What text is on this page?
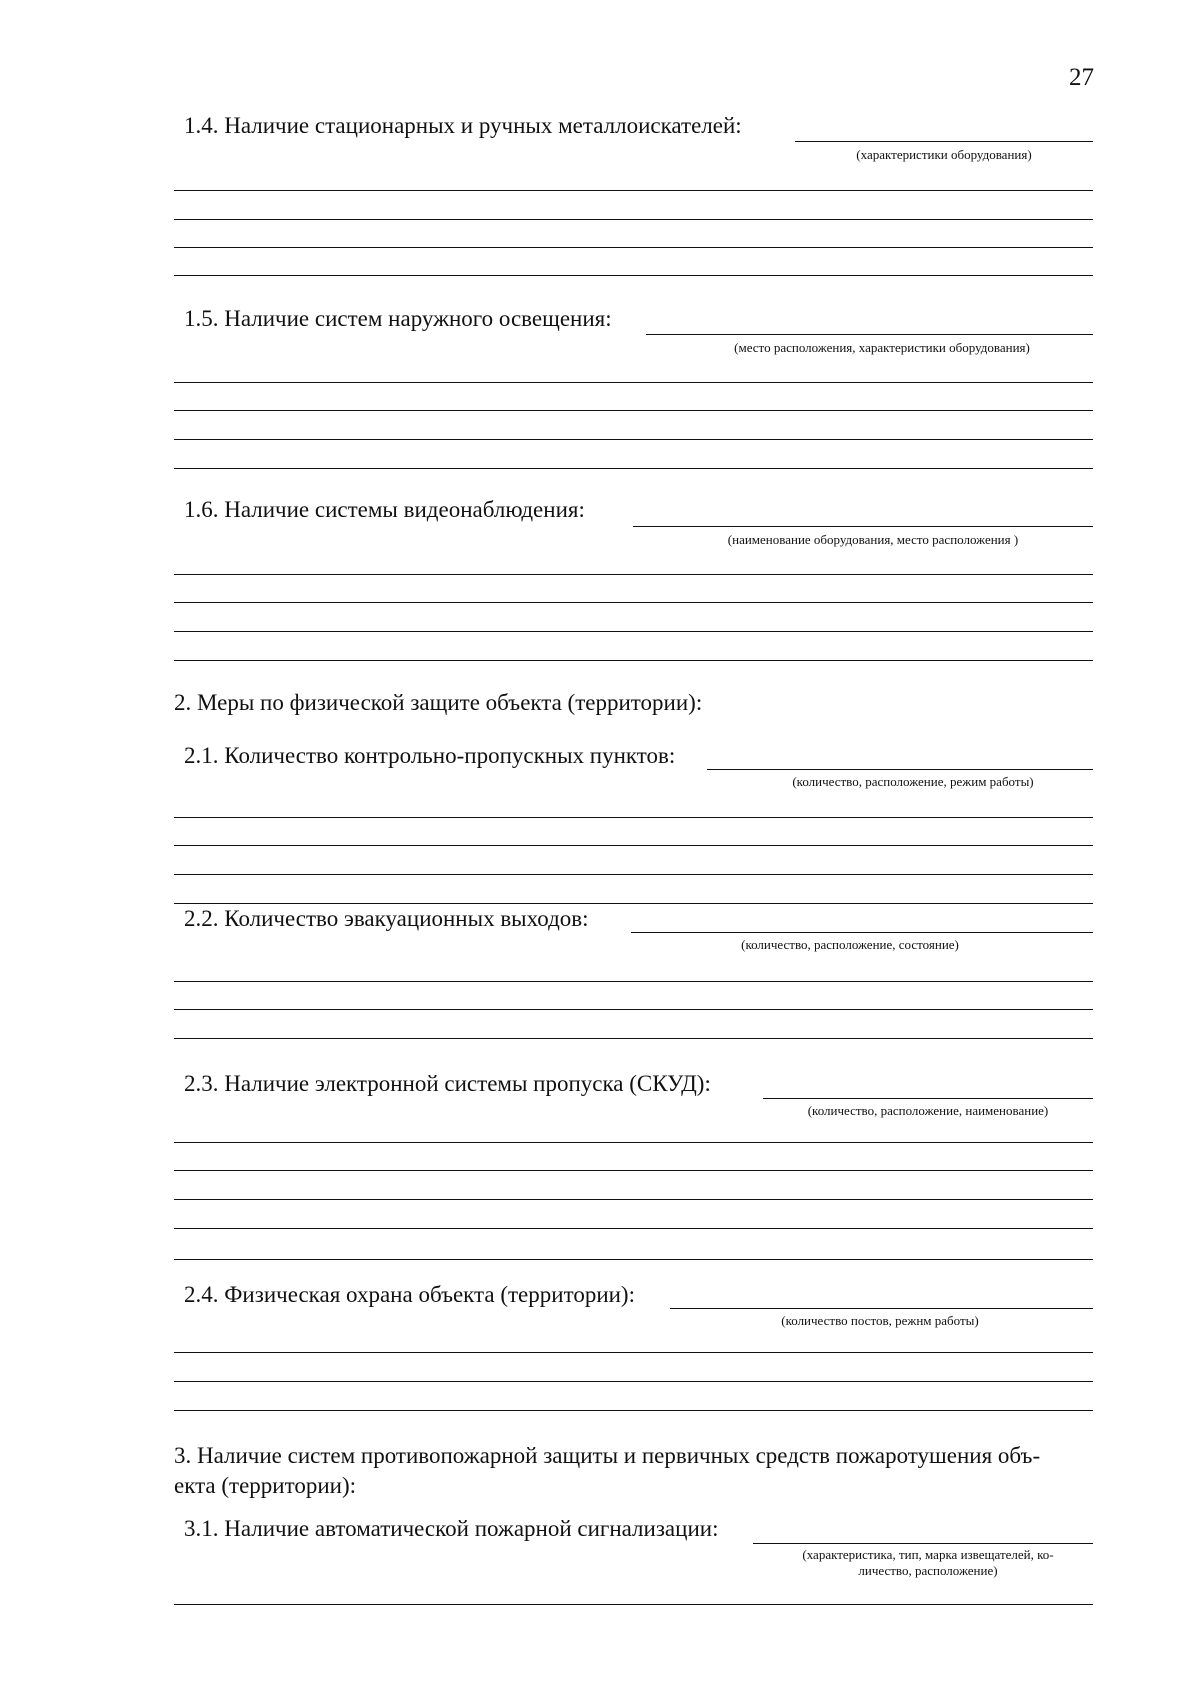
27
1.4. Наличие стационарных и ручных металлоискателей:
(характеристики оборудования)
1.5. Наличие систем наружного освещения:
(место расположения, характеристики оборудования)
1.6. Наличие системы видеонаблюдения:
(наименование оборудования, место расположения )
2. Меры по физической защите объекта (территории):
2.1. Количество контрольно-пропускных пунктов:
(количество, расположение, режим работы)
2.2. Количество эвакуационных выходов:
(количество, расположение, состояние)
2.3. Наличие электронной системы пропуска (СКУД):
(количество, расположение, наименование)
2.4. Физическая охрана объекта (территории):
(количество постов, режнм работы)
3. Наличие систем противопожарной защиты и первичных средств пожаротушения объ-
екта (территории):
3.1. Наличие автоматической пожарной сигнализации:
(характеристика, тип, марка извещателей, ко-
личество, расположение)
